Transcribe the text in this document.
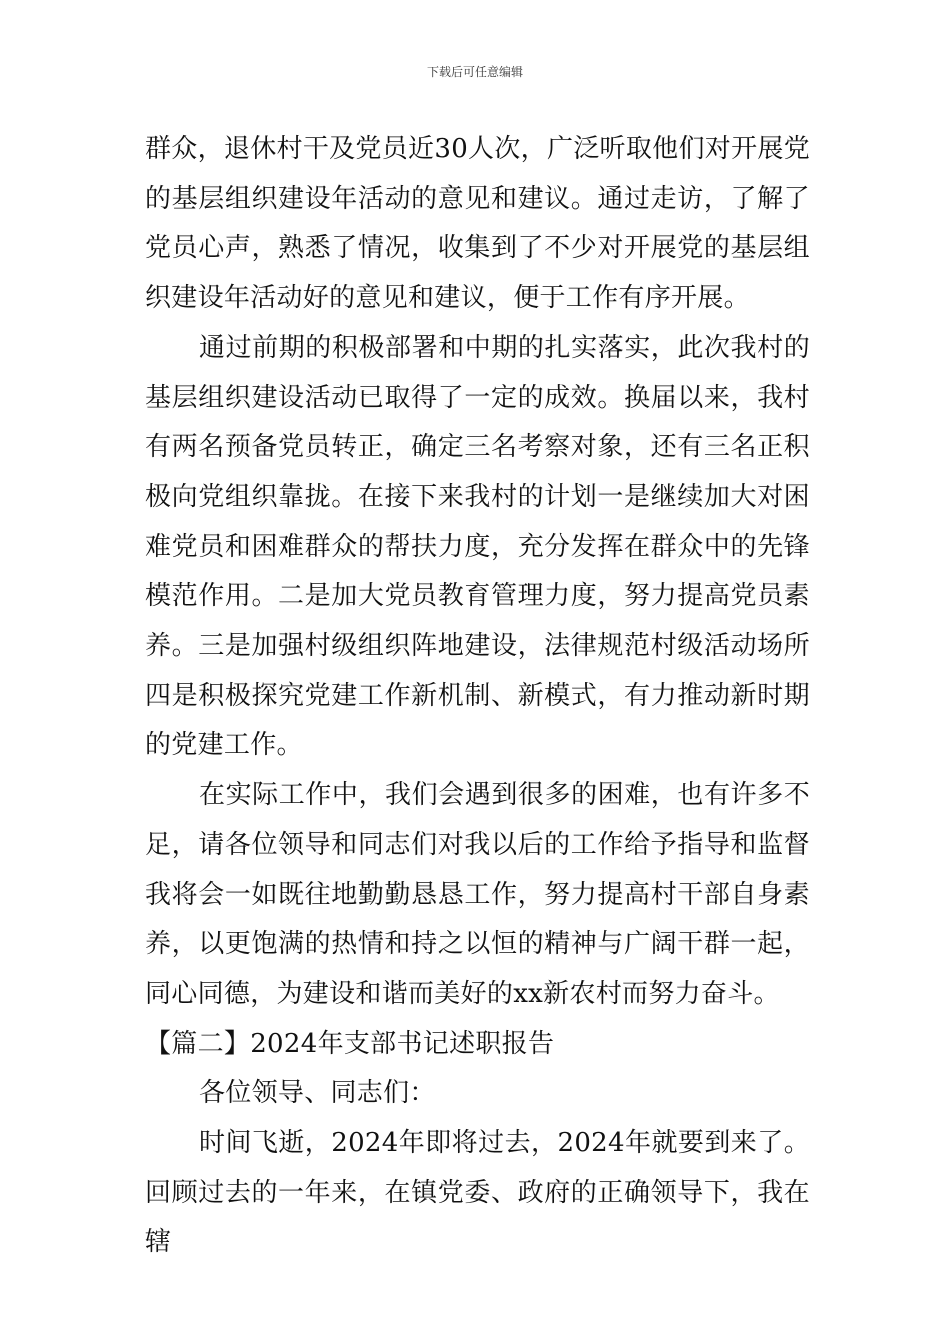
下载后可任意编辑

群众，退休村干及党员近30人次，广泛听取他们对开展党的基层组织建设年活动的意见和建议。通过走访，了解了党员心声，熟悉了情况，收集到了不少对开展党的基层组织建设年活动好的意见和建议，便于工作有序开展。

通过前期的积极部署和中期的扎实落实，此次我村的基层组织建设活动已取得了一定的成效。换届以来，我村有两名预备党员转正，确定三名考察对象，还有三名正积极向党组织靠拢。在接下来我村的计划一是继续加大对困难党员和困难群众的帮扶力度，充分发挥在群众中的先锋模范作用。二是加大党员教育管理力度，努力提高党员素养。三是加强村级组织阵地建设，法律规范村级活动场所四是积极探究党建工作新机制、新模式，有力推动新时期的党建工作。

在实际工作中，我们会遇到很多的困难，也有许多不足，请各位领导和同志们对我以后的工作给予指导和监督我将会一如既往地勤勤恳恳工作，努力提高村干部自身素养，以更饱满的热情和持之以恒的精神与广阔干群一起，同心同德，为建设和谐而美好的xx新农村而努力奋斗。

【篇二】2024年支部书记述职报告

各位领导、同志们：

时间飞逝，2024年即将过去，2024年就要到来了。回顾过去的一年来，在镇党委、政府的正确领导下，我在辖
